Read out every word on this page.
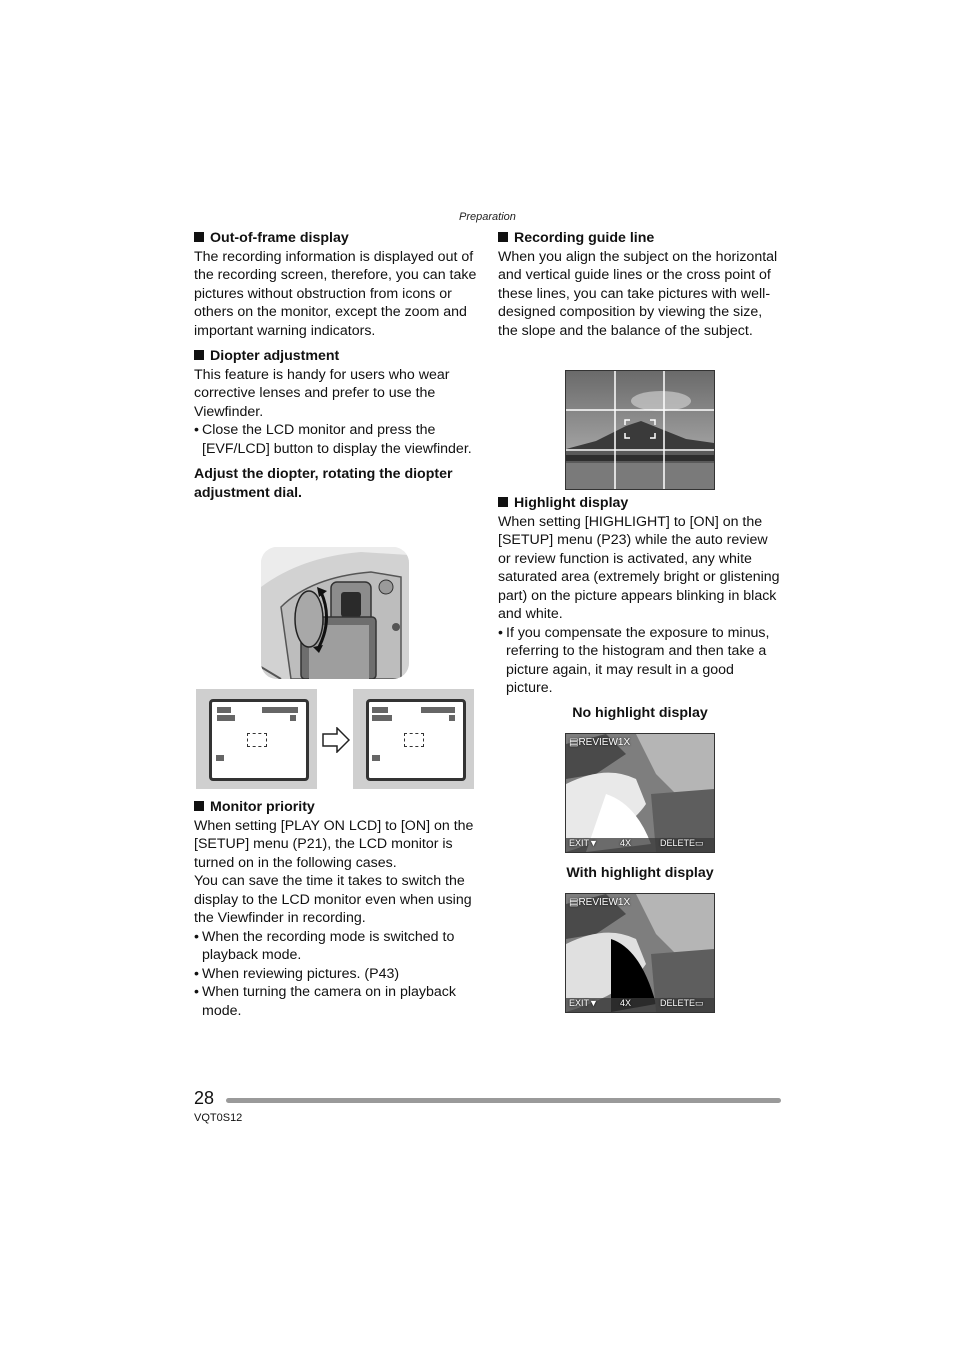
Preparation

Out-of-frame display

The recording information is displayed out of the recording screen, therefore, you can take pictures without obstruction from icons or others on the monitor, except the zoom and important warning indicators.

Diopter adjustment

This feature is handy for users who wear corrective lenses and prefer to use the Viewfinder.

• Close the LCD monitor and press the [EVF/LCD] button to display the viewfinder.

Adjust the diopter, rotating the diopter adjustment dial.

Monitor priority

When setting [PLAY ON LCD] to [ON] on the [SETUP] menu (P21), the LCD monitor is turned on in the following cases.

You can save the time it takes to switch the display to the LCD monitor even when using the Viewfinder in recording.

• When the recording mode is switched to playback mode.
• When reviewing pictures. (P43)
• When turning the camera on in playback mode.

Recording guide line

When you align the subject on the horizontal and vertical guide lines or the cross point of these lines, you can take pictures with well-designed composition by viewing the size, the slope and the balance of the subject.

Highlight display

When setting [HIGHLIGHT] to [ON] on the [SETUP] menu (P23) while the auto review or review function is activated, any white saturated area (extremely bright or glistening part) on the picture appears blinking in black and white.

• If you compensate the exposure to minus, referring to the histogram and then take a picture again, it may result in a good picture.
No highlight display
▤REVIEW1X
EXIT▼ 4X	DELETE▭
With highlight display
▤REVIEW1X
EXIT▼ 4X	DELETE▭
28
VQT0S12
